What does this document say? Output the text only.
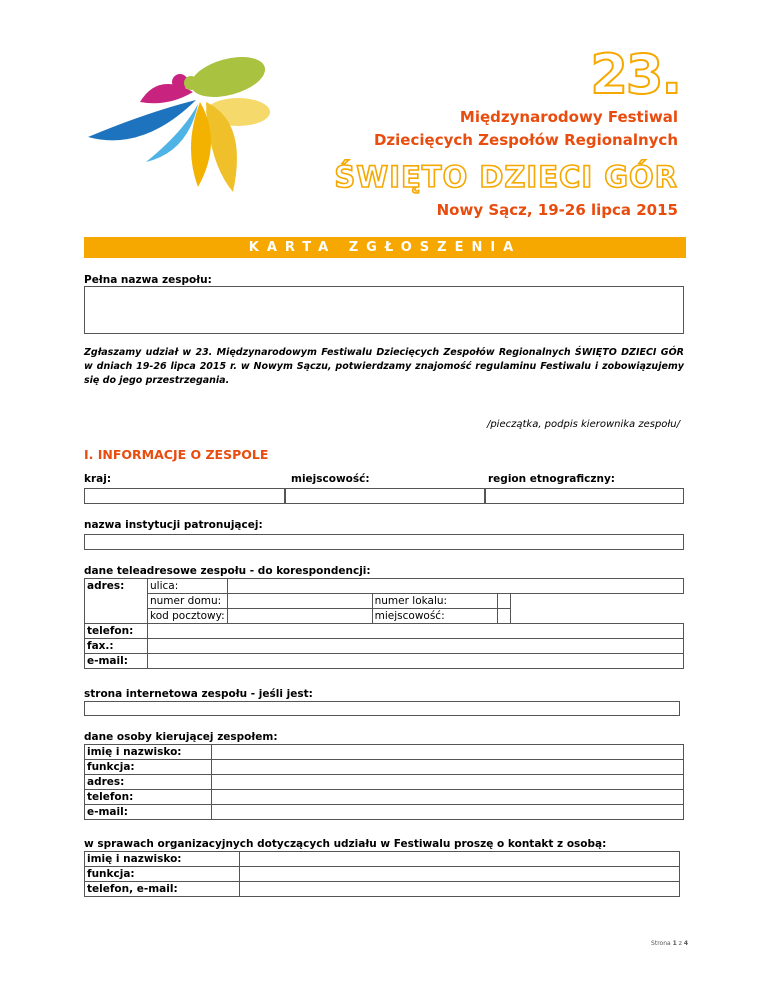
23.
Międzynarodowy Festiwal
Dziecięcych Zespołów Regionalnych
ŚWIĘTO DZIECI GÓR
Nowy Sącz, 19-26 lipca 2015
KARTA ZGŁOSZENIA
Pełna nazwa zespołu:
Zgłaszamy udział w 23. Międzynarodowym Festiwalu Dziecięcych Zespołów Regionalnych ŚWIĘTO DZIECI GÓR w dniach 19-26 lipca 2015 r. w Nowym Sączu, potwierdzamy znajomość regulaminu Festiwalu i zobowiązujemy się do jego przestrzegania.
/pieczątka, podpis kierownika zespołu/
I. INFORMACJE O ZESPOLE
kraj:	miejscowość:	region etnograficzny:
nazwa instytucji patronującej:
dane teleadresowe zespołu - do korespondencji:
adres:	ulica:				
	numer domu:		numer lokalu:		
	kod pocztowy:		miejscowość:		
telefon:					
fax.:					
e-mail:					
strona internetowa zespołu - jeśli jest:
dane osoby kierującej zespołem:
imię i nazwisko:	
funkcja:	
adres:	
telefon:	
e-mail:	
w sprawach organizacyjnych dotyczących udziału w Festiwalu proszę o kontakt z osobą:
imię i nazwisko:	
funkcja:	
telefon, e-mail:	
Strona 1 z 4
